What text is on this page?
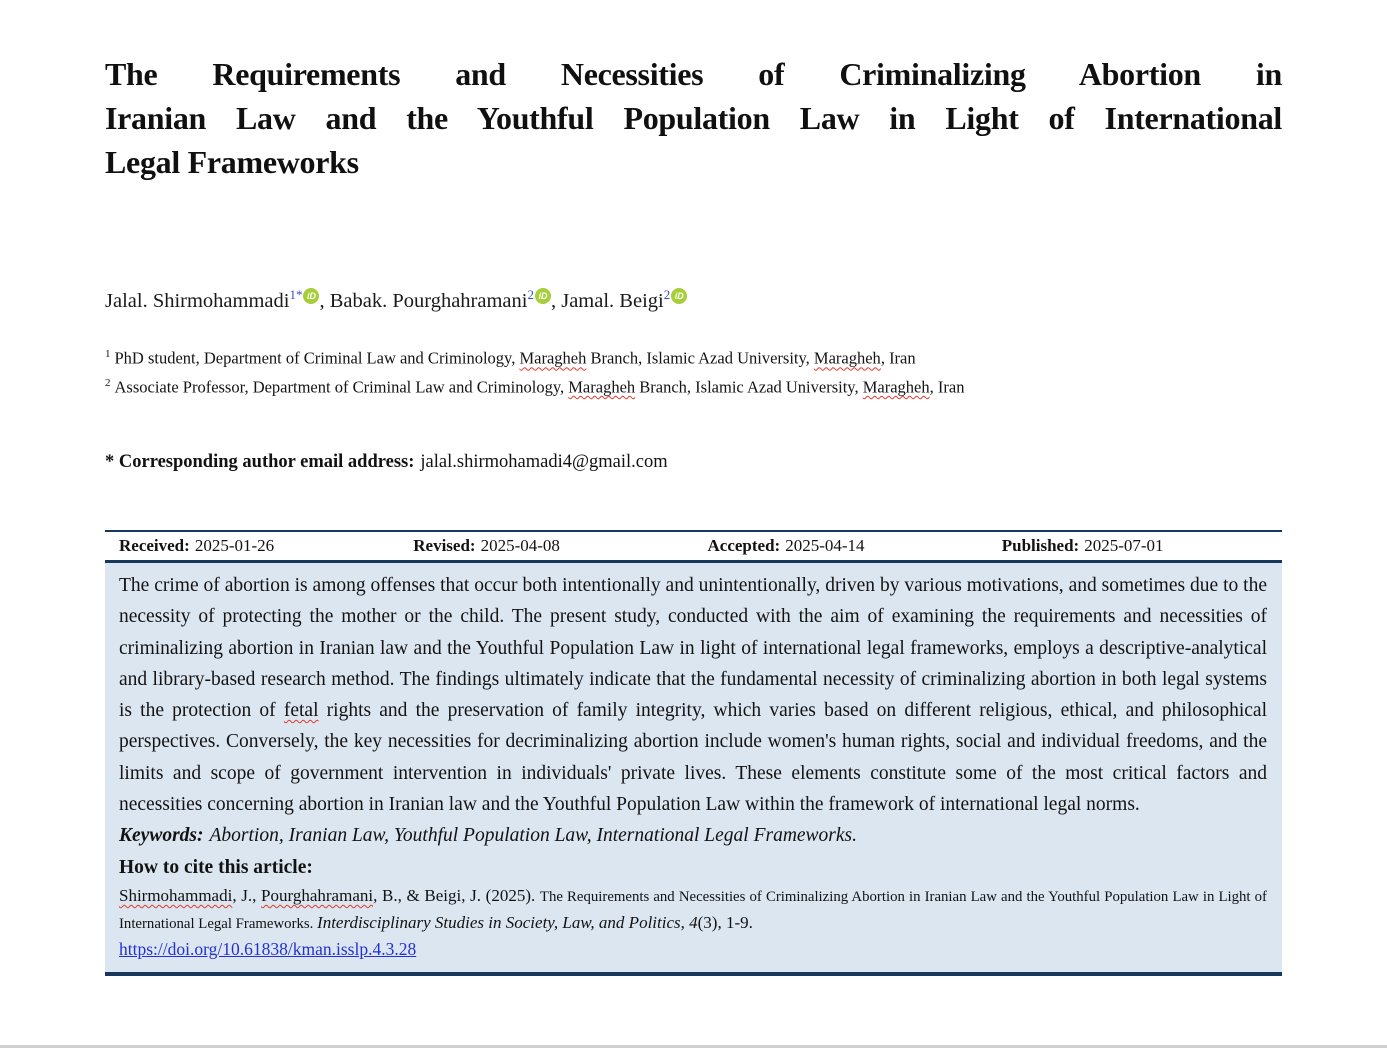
The Requirements and Necessities of Criminalizing Abortion in
Iranian Law and the Youthful Population Law in Light of International
Legal Frameworks
Jalal. Shirmohammadi$^{1*}$ iD , Babak. Pourghahramani$^2$ iD , Jamal. Beigi$^2$ iD
$^1$ PhD student, Department of Criminal Law and Criminology, Maragheh Branch, Islamic Azad University, Maragheh, Iran
$^2$ Associate Professor, Department of Criminal Law and Criminology, Maragheh Branch, Islamic Azad University, Maragheh, Iran
* Corresponding author email address: jalal.shirmohamadi4@gmail.com
Received: 2025-01-26	Revised: 2025-04-08	Accepted: 2025-04-14	Published: 2025-07-01

The crime of abortion is among offenses that occur both intentionally and unintentionally, driven by various motivations, and sometimes due to the necessity of protecting the mother or the child. The present study, conducted with the aim of examining the requirements and necessities of criminalizing abortion in Iranian law and the Youthful Population Law in light of international legal frameworks, employs a descriptive-analytical and library-based research method. The findings ultimately indicate that the fundamental necessity of criminalizing abortion in both legal systems is the protection of fetal rights and the preservation of family integrity, which varies based on different religious, ethical, and philosophical perspectives. Conversely, the key necessities for decriminalizing abortion include women's human rights, social and individual freedoms, and the limits and scope of government intervention in individuals' private lives. These elements constitute some of the most critical factors and necessities concerning abortion in Iranian law and the Youthful Population Law within the framework of international legal norms.

Keywords: Abortion, Iranian Law, Youthful Population Law, International Legal Frameworks.

How to cite this article:

Shirmohammadi, J., Pourghahramani, B., & Beigi, J. (2025). The Requirements and Necessities of Criminalizing Abortion in Iranian Law and the Youthful Population Law in Light of International Legal Frameworks. Interdisciplinary Studies in Society, Law, and Politics, 4(3), 1-9.

https://doi.org/10.61838/kman.isslp.4.3.28
